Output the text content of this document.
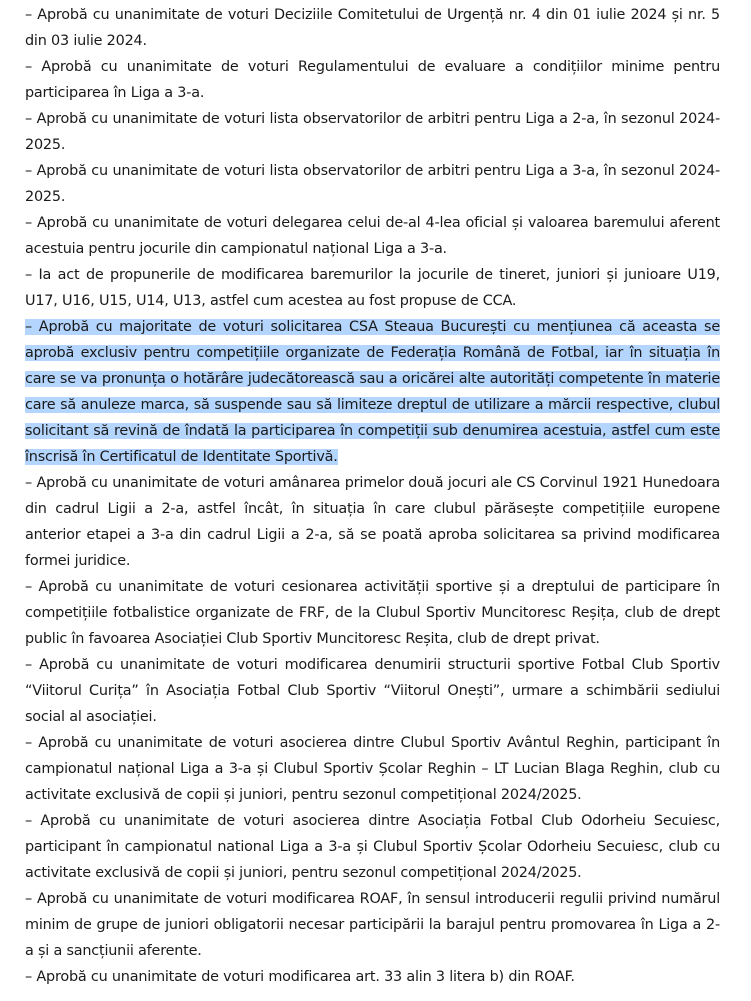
– Aprobă cu unanimitate de voturi Deciziile Comitetului de Urgență nr. 4 din 01 iulie 2024 și nr. 5 din 03 iulie 2024.

– Aprobă cu unanimitate de voturi Regulamentului de evaluare a condițiilor minime pentru participarea în Liga a 3-a.

– Aprobă cu unanimitate de voturi lista observatorilor de arbitri pentru Liga a 2-a, în sezonul 2024-2025.

– Aprobă cu unanimitate de voturi lista observatorilor de arbitri pentru Liga a 3-a, în sezonul 2024-2025.

– Aprobă cu unanimitate de voturi delegarea celui de-al 4-lea oficial și valoarea baremului aferent acestuia pentru jocurile din campionatul național Liga a 3-a.

– Ia act de propunerile de modificarea baremurilor la jocurile de tineret, juniori și junioare U19, U17, U16, U15, U14, U13, astfel cum acestea au fost propuse de CCA.

– Aprobă cu majoritate de voturi solicitarea CSA Steaua București cu mențiunea că aceasta se aprobă exclusiv pentru competițiile organizate de Federația Română de Fotbal, iar în situația în care se va pronunța o hotărâre judecătorească sau a oricărei alte autorități competente în materie care să anuleze marca, să suspende sau să limiteze dreptul de utilizare a mărcii respective, clubul solicitant să revină de îndată la participarea în competiții sub denumirea acestuia, astfel cum este înscrisă în Certificatul de Identitate Sportivă.

– Aprobă cu unanimitate de voturi amânarea primelor două jocuri ale CS Corvinul 1921 Hunedoara din cadrul Ligii a 2-a, astfel încât, în situația în care clubul părăsește competițiile europene anterior etapei a 3-a din cadrul Ligii a 2-a, să se poată aproba solicitarea sa privind modificarea formei juridice.

– Aprobă cu unanimitate de voturi cesionarea activității sportive și a dreptului de participare în competițiile fotbalistice organizate de FRF, de la Clubul Sportiv Muncitoresc Reșița, club de drept public în favoarea Asociației Club Sportiv Muncitoresc Reșita, club de drept privat.

– Aprobă cu unanimitate de voturi modificarea denumirii structurii sportive Fotbal Club Sportiv “Viitorul Curița” în Asociația Fotbal Club Sportiv “Viitorul Onești”, urmare a schimbării sediului social al asociației.

– Aprobă cu unanimitate de voturi asocierea dintre Clubul Sportiv Avântul Reghin, participant în campionatul național Liga a 3-a și Clubul Sportiv Școlar Reghin – LT Lucian Blaga Reghin, club cu activitate exclusivă de copii și juniori, pentru sezonul competițional 2024/2025.

– Aprobă cu unanimitate de voturi asocierea dintre Asociația Fotbal Club Odorheiu Secuiesc, participant în campionatul national Liga a 3-a și Clubul Sportiv Școlar Odorheiu Secuiesc, club cu activitate exclusivă de copii și juniori, pentru sezonul competițional 2024/2025.

– Aprobă cu unanimitate de voturi modificarea ROAF, în sensul introducerii regulii privind numărul minim de grupe de juniori obligatorii necesar participării la barajul pentru promovarea în Liga a 2-a și a sancțiunii aferente.

– Aprobă cu unanimitate de voturi modificarea art. 33 alin 3 litera b) din ROAF.
